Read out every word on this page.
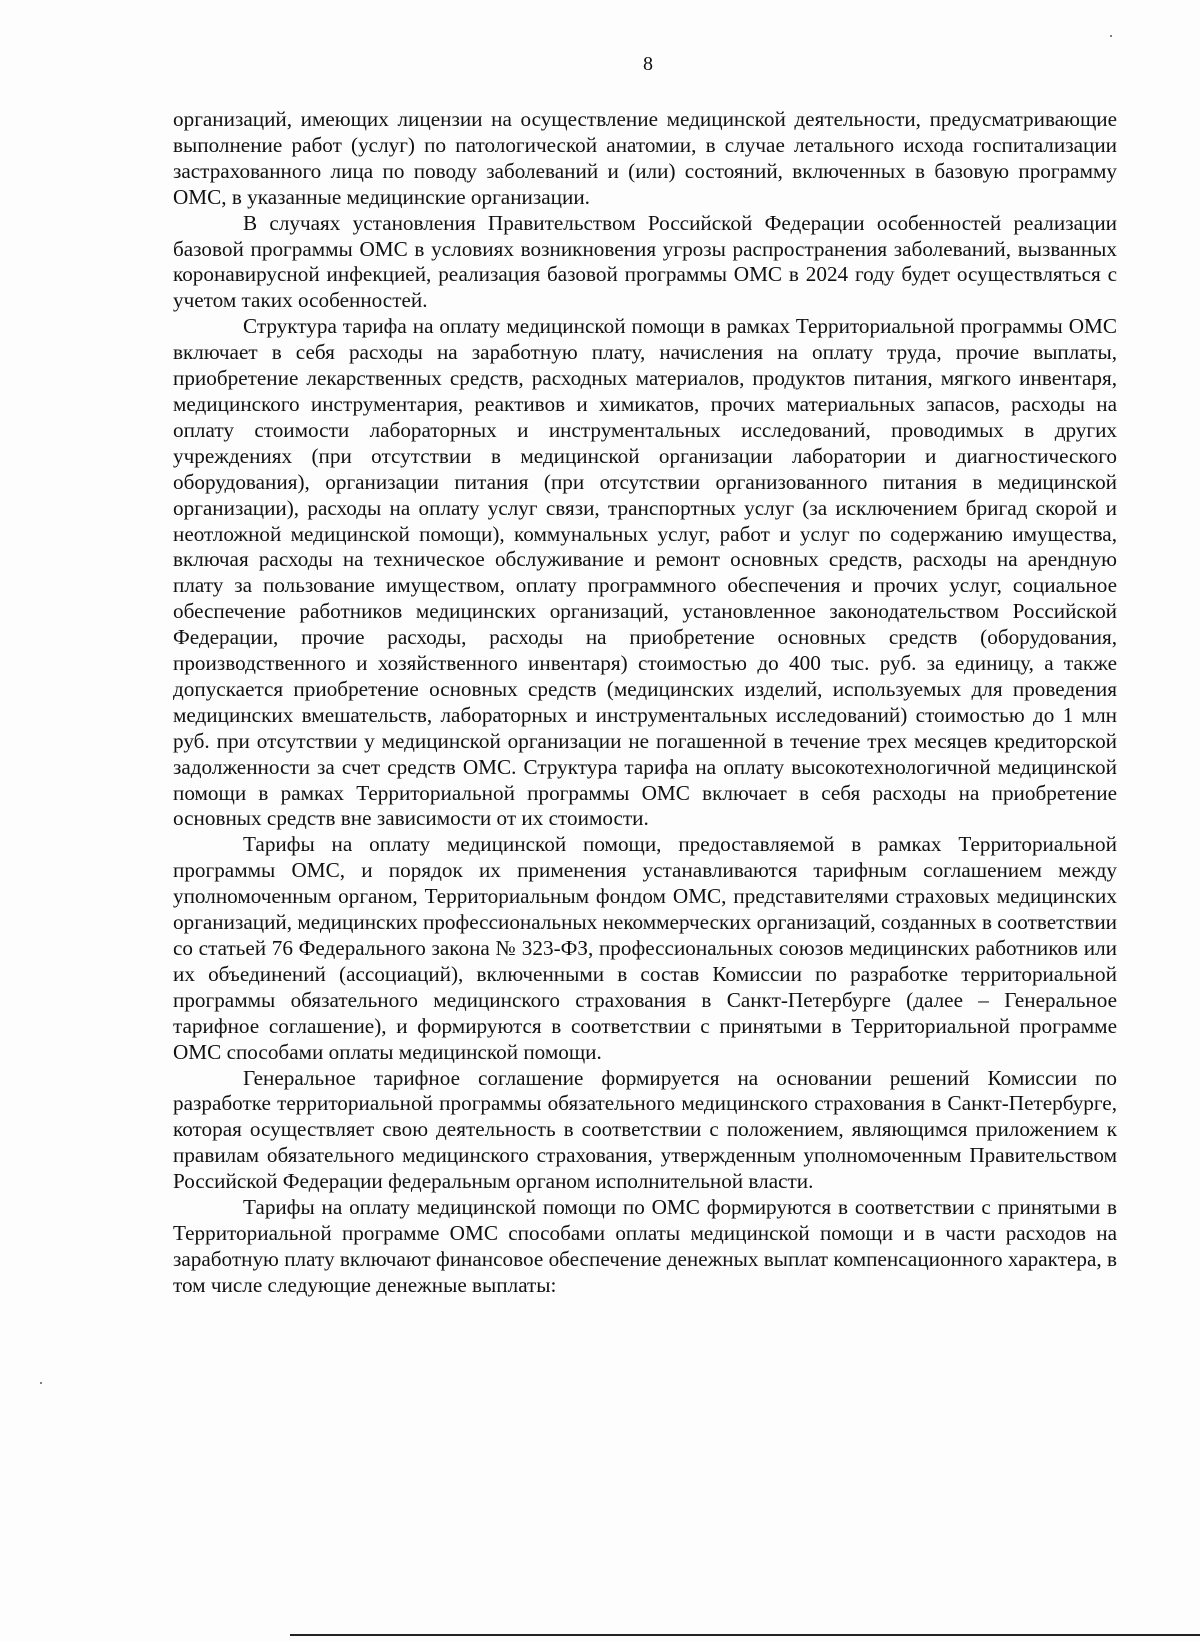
8

организаций, имеющих лицензии на осуществление медицинской деятельности, предусматривающие выполнение работ (услуг) по патологической анатомии, в случае летального исхода госпитализации застрахованного лица по поводу заболеваний и (или) состояний, включенных в базовую программу ОМС, в указанные медицинские организации.

В случаях установления Правительством Российской Федерации особенностей реализации базовой программы ОМС в условиях возникновения угрозы распространения заболеваний, вызванных коронавирусной инфекцией, реализация базовой программы ОМС в 2024 году будет осуществляться с учетом таких особенностей.

Структура тарифа на оплату медицинской помощи в рамках Территориальной программы ОМС включает в себя расходы на заработную плату, начисления на оплату труда, прочие выплаты, приобретение лекарственных средств, расходных материалов, продуктов питания, мягкого инвентаря, медицинского инструментария, реактивов и химикатов, прочих материальных запасов, расходы на оплату стоимости лабораторных и инструментальных исследований, проводимых в других учреждениях (при отсутствии в медицинской организации лаборатории и диагностического оборудования), организации питания (при отсутствии организованного питания в медицинской организации), расходы на оплату услуг связи, транспортных услуг (за исключением бригад скорой и неотложной медицинской помощи), коммунальных услуг, работ и услуг по содержанию имущества, включая расходы на техническое обслуживание и ремонт основных средств, расходы на арендную плату за пользование имуществом, оплату программного обеспечения и прочих услуг, социальное обеспечение работников медицинских организаций, установленное законодательством Российской Федерации, прочие расходы, расходы на приобретение основных средств (оборудования, производственного и хозяйственного инвентаря) стоимостью до 400 тыс. руб. за единицу, а также допускается приобретение основных средств (медицинских изделий, используемых для проведения медицинских вмешательств, лабораторных и инструментальных исследований) стоимостью до 1 млн руб. при отсутствии у медицинской организации не погашенной в течение трех месяцев кредиторской задолженности за счет средств ОМС. Структура тарифа на оплату высокотехнологичной медицинской помощи в рамках Территориальной программы ОМС включает в себя расходы на приобретение основных средств вне зависимости от их стоимости.

Тарифы на оплату медицинской помощи, предоставляемой в рамках Территориальной программы ОМС, и порядок их применения устанавливаются тарифным соглашением между уполномоченным органом, Территориальным фондом ОМС, представителями страховых медицинских организаций, медицинских профессиональных некоммерческих организаций, созданных в соответствии со статьей 76 Федерального закона № 323-ФЗ, профессиональных союзов медицинских работников или их объединений (ассоциаций), включенными в состав Комиссии по разработке территориальной программы обязательного медицинского страхования в Санкт-Петербурге (далее – Генеральное тарифное соглашение), и формируются в соответствии с принятыми в Территориальной программе ОМС способами оплаты медицинской помощи.

Генеральное тарифное соглашение формируется на основании решений Комиссии по разработке территориальной программы обязательного медицинского страхования в Санкт-Петербурге, которая осуществляет свою деятельность в соответствии с положением, являющимся приложением к правилам обязательного медицинского страхования, утвержденным уполномоченным Правительством Российской Федерации федеральным органом исполнительной власти.

Тарифы на оплату медицинской помощи по ОМС формируются в соответствии с принятыми в Территориальной программе ОМС способами оплаты медицинской помощи и в части расходов на заработную плату включают финансовое обеспечение денежных выплат компенсационного характера, в том числе следующие денежные выплаты:
